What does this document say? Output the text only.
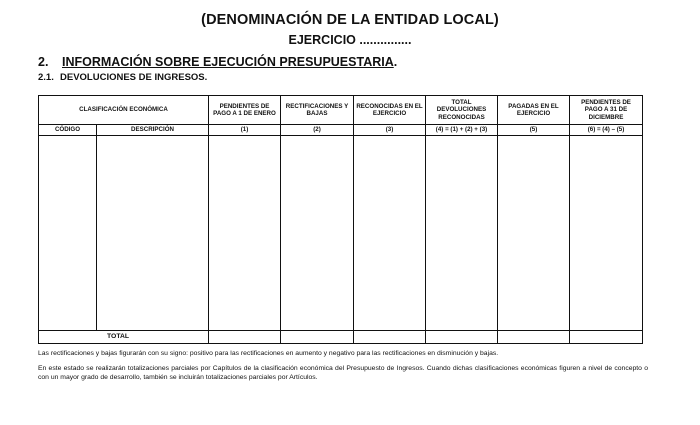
(DENOMINACIÓN DE LA ENTIDAD LOCAL)
EJERCICIO ...............
2. INFORMACIÓN SOBRE EJECUCIÓN PRESUPUESTARIA.
2.1. DEVOLUCIONES DE INGRESOS.
CLASIFICACIÓN ECONÓMICA		PENDIENTES DE PAGO A 1 DE ENERO	RECTIFICACIONES Y BAJAS	RECONOCIDAS EN EL EJERCICIO	TOTAL DEVOLUCIONES RECONOCIDAS	PAGADAS EN EL EJERCICIO	PENDIENTES DE PAGO A 31 DE DICIEMBRE
CÓDIGO	DESCRIPCIÓN	(1)	(2)	(3)	(4) = (1) + (2) + (3)	(5)	(6) = (4) – (5)

TOTAL							
Las rectificaciones y bajas figurarán con su signo: positivo para las rectificaciones en aumento y negativo para las rectificaciones en disminución y bajas.
En este estado se realizarán totalizaciones parciales por Capítulos de la clasificación económica del Presupuesto de Ingresos. Cuando dichas clasificaciones económicas figuren a nivel de concepto o con un mayor grado de desarrollo, también se incluirán totalizaciones parciales por Artículos.
